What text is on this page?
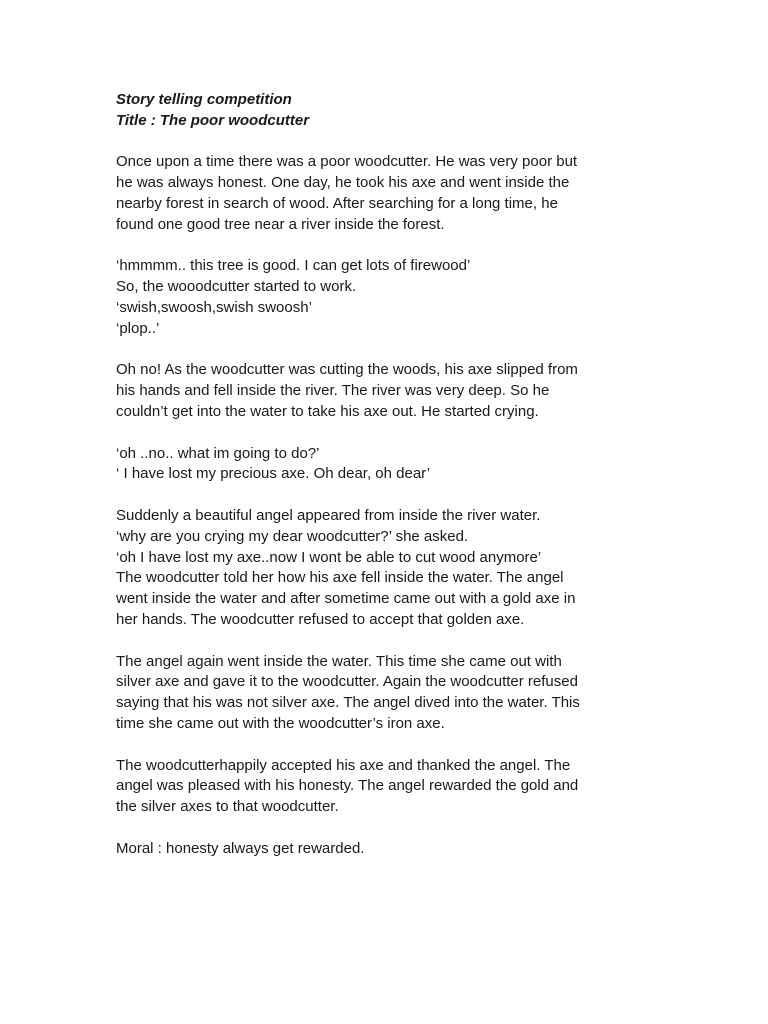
Story telling competition

Title : The poor woodcutter

Once upon a time there was a poor woodcutter. He was very poor but
he was always honest. One day, he took his axe and went inside the
nearby forest in search of wood. After searching for a long time, he
found one good tree near a river inside the forest.

‘hmmmm.. this tree is good. I can get lots of firewood’
So, the wooodcutter started to work.
‘swish,swoosh,swish swoosh’
‘plop..’

Oh no! As the woodcutter was cutting the woods, his axe slipped from
his hands and fell inside the river. The river was very deep. So he
couldn’t get into the water to take his axe out. He started crying.

‘oh ..no.. what im going to do?’
‘ I have lost my precious axe. Oh dear, oh dear’

Suddenly a beautiful angel appeared from inside the river water.
‘why are you crying my dear woodcutter?’ she asked.
‘oh I have lost my axe..now I wont be able to cut wood anymore’
The woodcutter told her how his axe fell inside the water. The angel
went inside the water and after sometime came out with a gold axe in
her hands. The woodcutter refused to accept that golden axe.

The angel again went inside the water. This time she came out with
silver axe and gave it to the woodcutter. Again the woodcutter refused
saying that his was not silver axe. The angel dived into the water. This
time she came out with the woodcutter’s iron axe.

The woodcutterhappily accepted his axe and thanked the angel. The
angel was pleased with his honesty. The angel rewarded the gold and
the silver axes to that woodcutter.

Moral : honesty always get rewarded.
